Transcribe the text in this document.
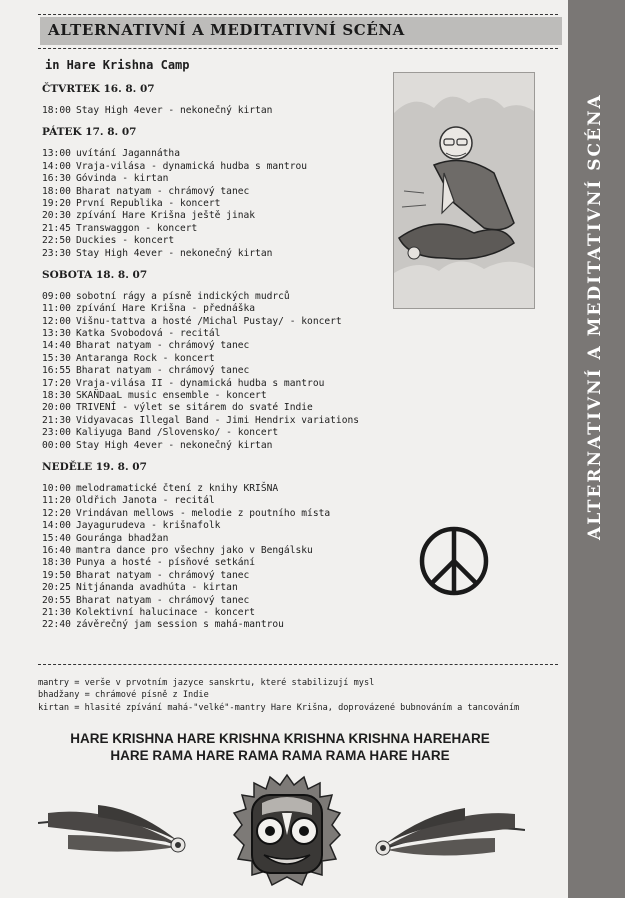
ALTERNATIVNÍ A MEDITATIVNÍ SCÉNA
in Hare Krishna Camp
ČTVRTEK 16. 8. 07
18:00 Stay High 4ever - nekonečný kirtan
PÁTEK 17. 8. 07
13:00 uvítání Jagannátha
14:00 Vraja-vilása - dynamická hudba s mantrou
16:30 Góvinda - kirtan
18:00 Bharat natyam - chrámový tanec
19:20 První Republika - koncert
20:30 zpívání Hare Krišna ještě jinak
21:45 Transwaggon - koncert
22:50 Duckies - koncert
23:30 Stay High 4ever - nekonečný kirtan
SOBOTA 18. 8. 07
09:00 sobotní rágy a písně indických mudrců
11:00 zpívání Hare Krišna - přednáška
12:00 Višnu-tattva a hosté /Michal Pustay/ - koncert
13:30 Katka Svobodová - recitál
14:40 Bharat natyam - chrámový tanec
15:30 Antaranga Rock - koncert
16:55 Bharat natyam - chrámový tanec
17:20 Vraja-vilása II - dynamická hudba s mantrou
18:30 SKAN̈DaaL music ensemble - koncert
20:00 TRIVENÍ - výlet se sitárem do svaté Indie
21:30 Vidyavacas Illegal Band - Jimi Hendrix variations
23:00 Kaliyuga Band /Slovensko/ - koncert
00:00 Stay High 4ever - nekonečný kirtan
NEDĚLE 19. 8. 07
10:00 melodramatické čtení z knihy KRIŠNA
11:20 Oldřich Janota - recitál
12:20 Vrindávan mellows - melodie z poutního místa
14:00 Jayagurudeva - krišnafolk
15:40 Gouránga bhadžan
16:40 mantra dance pro všechny jako v Bengálsku
18:30 Punya a hosté - písňové setkání
19:50 Bharat natyam - chrámový tanec
20:25 Nitjánanda avadhúta - kirtan
20:55 Bharat natyam - chrámový tanec
21:30 Kolektivní halucinace - koncert
22:40 závěrečný jam session s mahá-mantrou
mantry = verše v prvotním jazyce sanskrtu, které stabilizují mysl
bhadžany = chrámové písně z Indie
kirtan = hlasité zpívání mahá-"velké"-mantry Hare Krišna, doprovázené bubnováním a tancováním
HARE KRISHNA HARE KRISHNA KRISHNA KRISHNA HAREHARE
HARE RAMA HARE RAMA RAMA RAMA HARE HARE
ALTERNATIVNÍ A MEDITATIVNÍ SCÉNA
